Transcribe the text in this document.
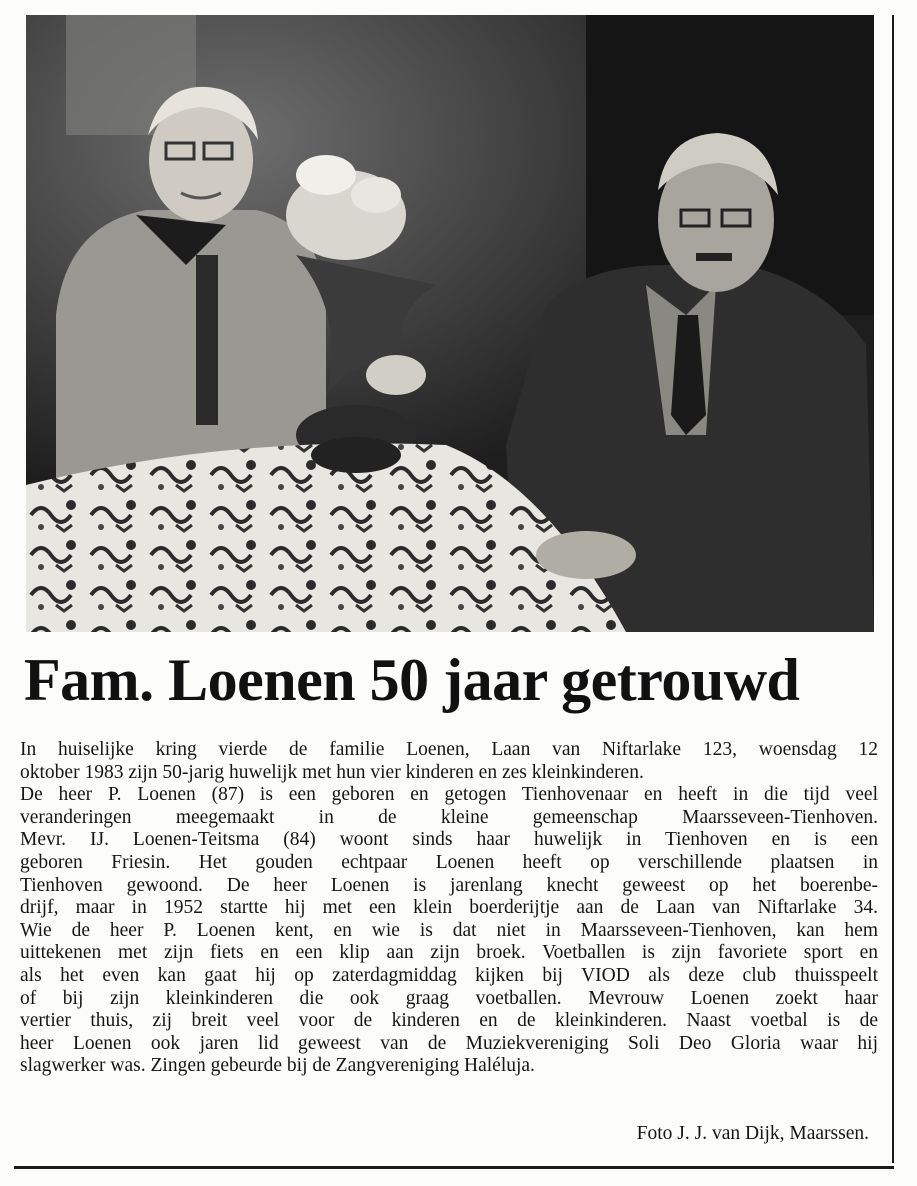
Fam. Loenen 50 jaar getrouwd
In huiselijke kring vierde de familie Loenen, Laan van Niftarlake 123, woensdag 12
oktober 1983 zijn 50-jarig huwelijk met hun vier kinderen en zes kleinkinderen.
De heer P. Loenen (87) is een geboren en getogen Tienhovenaar en heeft in die tijd veel
veranderingen meegemaakt in de kleine gemeenschap Maarsseveen-Tienhoven.
Mevr. IJ. Loenen-Teitsma (84) woont sinds haar huwelijk in Tienhoven en is een
geboren Friesin. Het gouden echtpaar Loenen heeft op verschillende plaatsen in
Tienhoven gewoond. De heer Loenen is jarenlang knecht geweest op het boerenbe-
drijf, maar in 1952 startte hij met een klein boerderijtje aan de Laan van Niftarlake 34.
Wie de heer P. Loenen kent, en wie is dat niet in Maarsseveen-Tienhoven, kan hem
uittekenen met zijn fiets en een klip aan zijn broek. Voetballen is zijn favoriete sport en
als het even kan gaat hij op zaterdagmiddag kijken bij VIOD als deze club thuisspeelt
of bij zijn kleinkinderen die ook graag voetballen. Mevrouw Loenen zoekt haar
vertier thuis, zij breit veel voor de kinderen en de kleinkinderen. Naast voetbal is de
heer Loenen ook jaren lid geweest van de Muziekvereniging Soli Deo Gloria waar hij
slagwerker was. Zingen gebeurde bij de Zangvereniging Haléluja.
Foto J. J. van Dijk, Maarssen.
